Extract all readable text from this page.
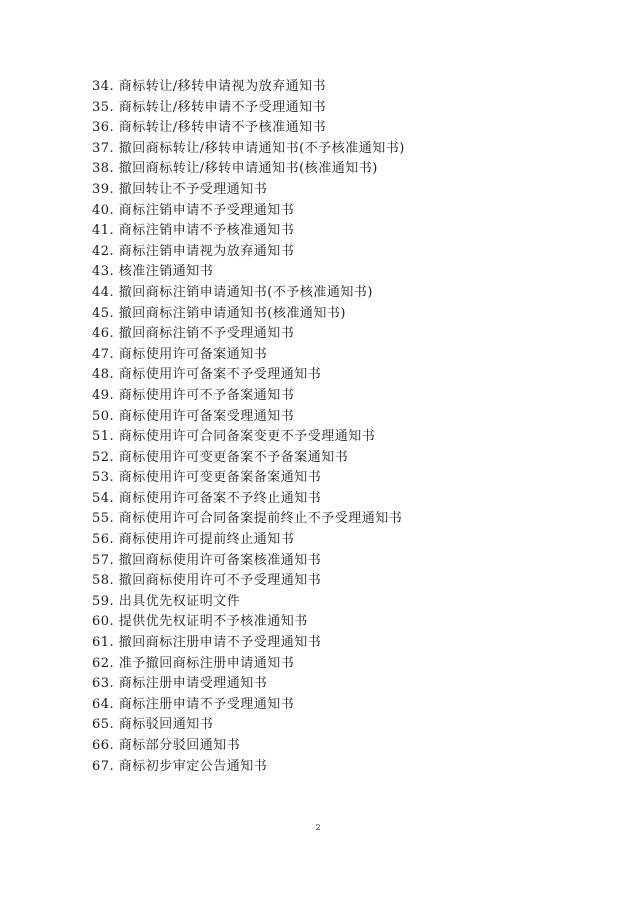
34. 商标转让/移转申请视为放弃通知书
35. 商标转让/移转申请不予受理通知书
36. 商标转让/移转申请不予核准通知书
37. 撤回商标转让/移转申请通知书(不予核准通知书)
38. 撤回商标转让/移转申请通知书(核准通知书)
39. 撤回转让不予受理通知书
40. 商标注销申请不予受理通知书
41. 商标注销申请不予核准通知书
42. 商标注销申请视为放弃通知书
43. 核准注销通知书
44. 撤回商标注销申请通知书(不予核准通知书)
45. 撤回商标注销申请通知书(核准通知书)
46. 撤回商标注销不予受理通知书
47. 商标使用许可备案通知书
48. 商标使用许可备案不予受理通知书
49. 商标使用许可不予备案通知书
50. 商标使用许可备案受理通知书
51. 商标使用许可合同备案变更不予受理通知书
52. 商标使用许可变更备案不予备案通知书
53. 商标使用许可变更备案备案通知书
54. 商标使用许可备案不予终止通知书
55. 商标使用许可合同备案提前终止不予受理通知书
56. 商标使用许可提前终止通知书
57. 撤回商标使用许可备案核准通知书
58. 撤回商标使用许可不予受理通知书
59. 出具优先权证明文件
60. 提供优先权证明不予核准通知书
61. 撤回商标注册申请不予受理通知书
62. 准予撤回商标注册申请通知书
63. 商标注册申请受理通知书
64. 商标注册申请不予受理通知书
65. 商标驳回通知书
66. 商标部分驳回通知书
67. 商标初步审定公告通知书
2
